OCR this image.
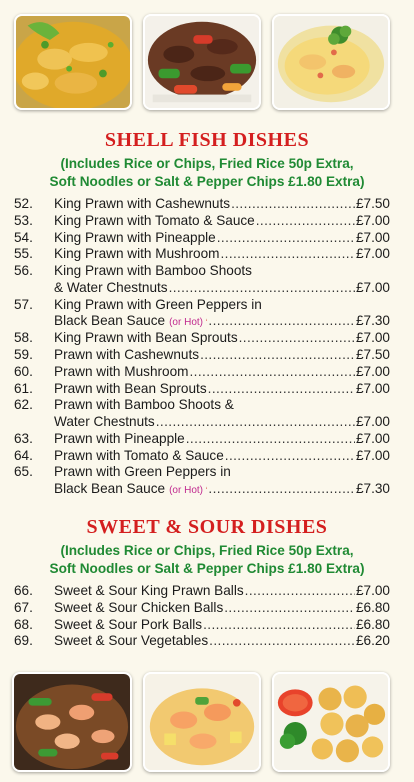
SHELL FISH DISHES
(Includes Rice or Chips, Fried Rice 50p Extra,
Soft Noodles or Salt & Pepper Chips £1.80 Extra)
52.	King Prawn with Cashewnuts .....	£7.50
53.	King Prawn with Tomato & Sauce .....	£7.00
54.	King Prawn with Pineapple .....	£7.00
55.	King Prawn with Mushroom .....	£7.00
56.	King Prawn with Bamboo Shoots
& Water Chestnuts .....	£7.00
57.	King Prawn with Green Peppers in
Black Bean Sauce (or Hot) .....	£7.30
58.	King Prawn with Bean Sprouts .....	£7.00
59.	Prawn with Cashewnuts .....	£7.50
60.	Prawn with Mushroom .....	£7.00
61.	Prawn with Bean Sprouts .....	£7.00
62.	Prawn with Bamboo Shoots &
Water Chestnuts .....	£7.00
63.	Prawn with Pineapple .....	£7.00
64.	Prawn with Tomato & Sauce .....	£7.00
65.	Prawn with Green Peppers in
Black Bean Sauce (or Hot) .....	£7.30
SWEET & SOUR DISHES
(Includes Rice or Chips, Fried Rice 50p Extra,
Soft Noodles or Salt & Pepper Chips £1.80 Extra)
66.	Sweet & Sour King Prawn Balls .....	£7.00
67.	Sweet & Sour Chicken Balls .....	£6.80
68.	Sweet & Sour Pork Balls .....	£6.80
69.	Sweet & Sour Vegetables .....	£6.20
